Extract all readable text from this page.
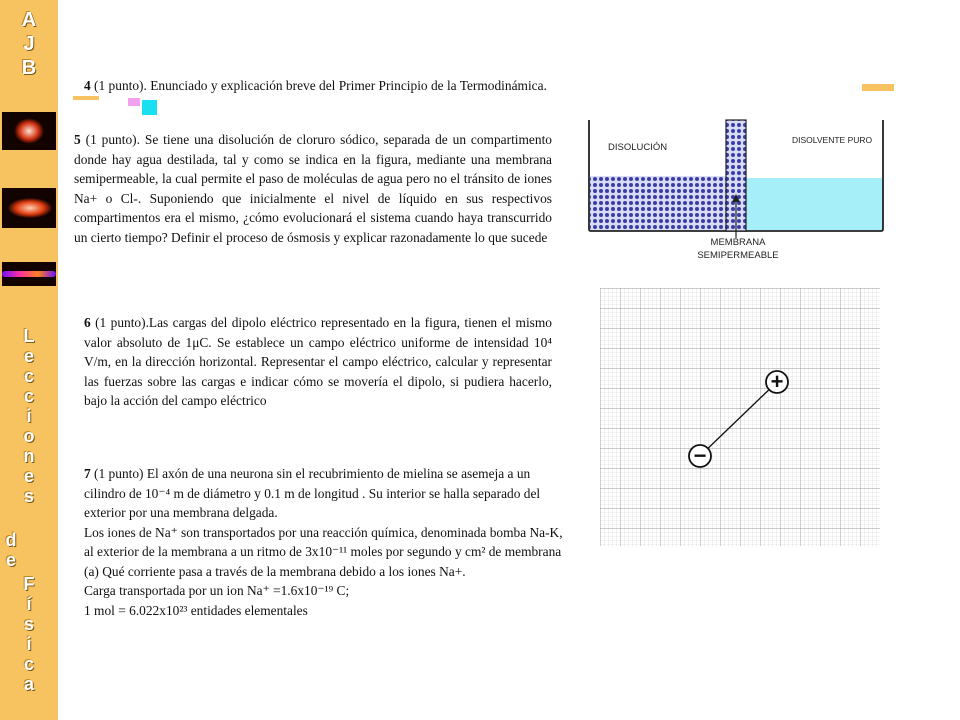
A
J
B
L
e
c
c
i
o
n
e
s
d
e
F
í
s
i
c
a

4 (1 punto). Enunciado y explicación breve del Primer Principio de la Termodinámica.

5 (1 punto). Se tiene una disolución de cloruro sódico, separada de un compartimento donde hay agua destilada, tal y como se indica en la figura, mediante una membrana semipermeable, la cual permite el paso de moléculas de agua pero no el tránsito de iones Na+ o Cl-. Suponiendo que inicialmente el nivel de líquido en sus respectivos compartimentos era el mismo, ¿cómo evolucionará el sistema cuando haya transcurrido un cierto tiempo? Definir el proceso de ósmosis y explicar razonadamente lo que sucede

DISOLUCIÓN
DISOLVENTE PURO
MEMBRANA
SEMIPERMEABLE

6 (1 punto).Las cargas del dipolo eléctrico representado en la figura, tienen el mismo valor absoluto de 1μC. Se establece un campo eléctrico uniforme de intensidad 10⁴ V/m, en la dirección horizontal. Representar el campo eléctrico, calcular y representar las fuerzas sobre las cargas e indicar cómo se movería el dipolo, si pudiera hacerlo, bajo la acción del campo eléctrico

+
−
7 (1 punto) El axón de una neurona sin el recubrimiento de mielina se asemeja a un cilindro de 10⁻⁴ m de diámetro y 0.1 m de longitud . Su interior se halla separado del exterior por una membrana delgada.
Los iones de Na⁺ son transportados por una reacción química, denominada bomba Na-K, al exterior de la membrana a un ritmo de 3x10⁻¹¹ moles por segundo y cm² de membrana (a) Qué corriente pasa a través de la membrana debido a los iones Na+.
Carga transportada por un ion Na⁺ =1.6x10⁻¹⁹ C;
1 mol = 6.022x10²³ entidades elementales
